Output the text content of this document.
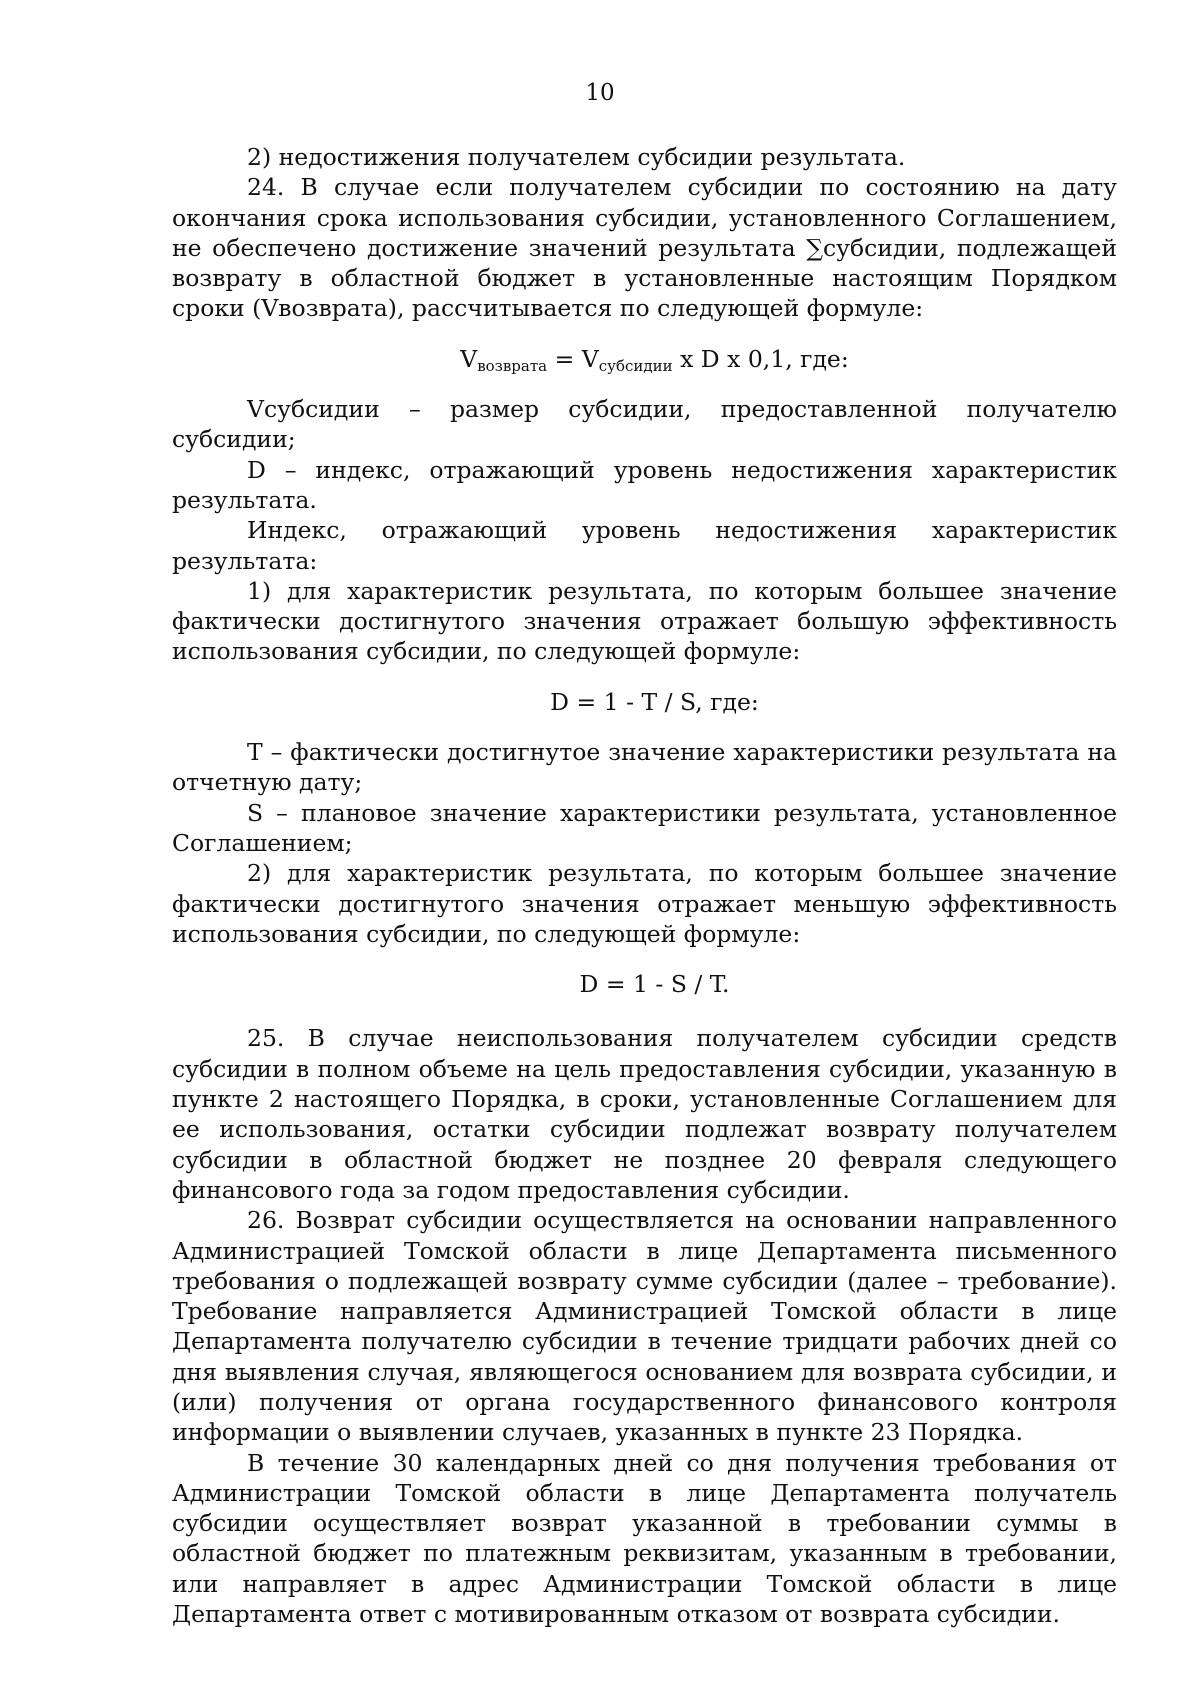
10

2) недостижения получателем субсидии результата.

24. В случае если получателем субсидии по состоянию на дату окончания срока использования субсидии, установленного Соглашением, не обеспечено достижение значений результата ∑субсидии, подлежащей возврату в областной бюджет в установленные настоящим Порядком сроки (Vвозврата), рассчитывается по следующей формуле:

$V_{возврата} = V_{субсидии}$ x D x 0,1, где:

Vсубсидии – размер субсидии, предоставленной получателю субсидии;

D – индекс, отражающий уровень недостижения характеристик результата.

Индекс, отражающий уровень недостижения характеристик результата:

1) для характеристик результата, по которым большее значение фактически достигнутого значения отражает большую эффективность использования субсидии, по следующей формуле:

D = 1 - T / S, где:

T – фактически достигнутое значение характеристики результата на отчетную дату;

S – плановое значение характеристики результата, установленное Соглашением;

2) для характеристик результата, по которым большее значение фактически достигнутого значения отражает меньшую эффективность использования субсидии, по следующей формуле:

D = 1 - S / T.

25. В случае неиспользования получателем субсидии средств субсидии в полном объеме на цель предоставления субсидии, указанную в пункте 2 настоящего Порядка, в сроки, установленные Соглашением для ее использования, остатки субсидии подлежат возврату получателем субсидии в областной бюджет не позднее 20 февраля следующего финансового года за годом предоставления субсидии.

26. Возврат субсидии осуществляется на основании направленного Администрацией Томской области в лице Департамента письменного требования о подлежащей возврату сумме субсидии (далее – требование). Требование направляется Администрацией Томской области в лице Департамента получателю субсидии в течение тридцати рабочих дней со дня выявления случая, являющегося основанием для возврата субсидии, и (или) получения от органа государственного финансового контроля информации о выявлении случаев, указанных в пункте 23 Порядка.

В течение 30 календарных дней со дня получения требования от Администрации Томской области в лице Департамента получатель субсидии осуществляет возврат указанной в требовании суммы в областной бюджет по платежным реквизитам, указанным в требовании, или направляет в адрес Администрации Томской области в лице Департамента ответ с мотивированным отказом от возврата субсидии.
